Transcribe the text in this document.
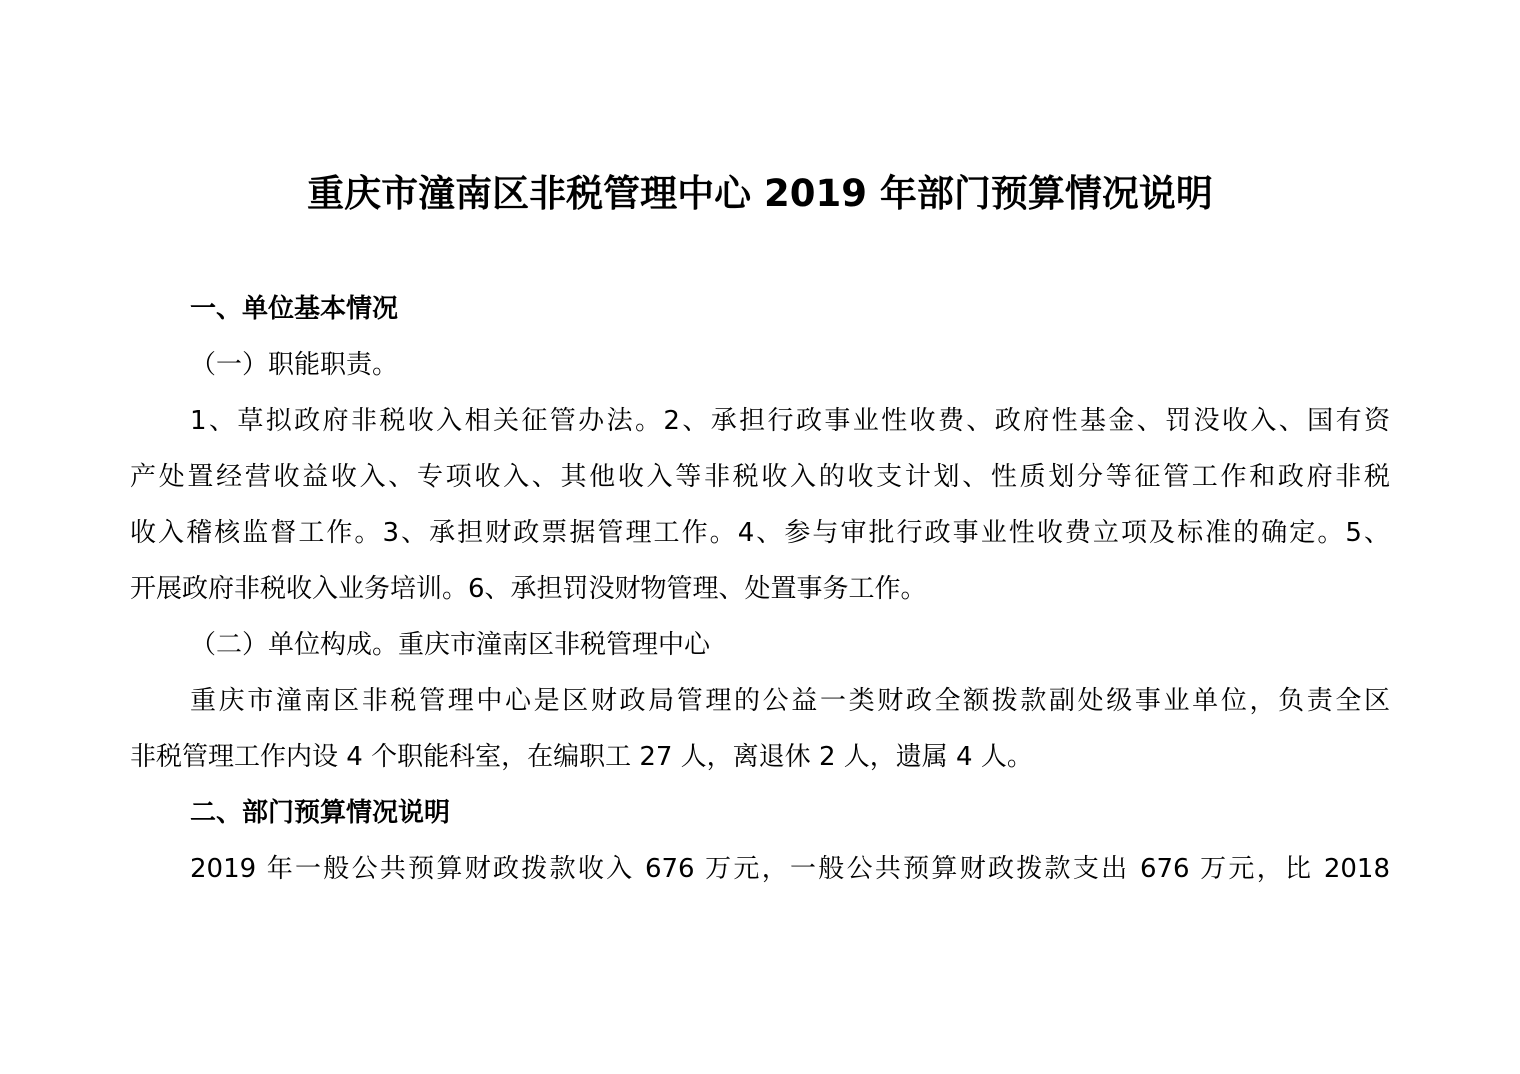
重庆市潼南区非税管理中心 2019 年部门预算情况说明
一、单位基本情况
（一）职能职责。
1、草拟政府非税收入相关征管办法。2、承担行政事业性收费、政府性基金、罚没收入、国有资
产处置经营收益收入、专项收入、其他收入等非税收入的收支计划、性质划分等征管工作和政府非税
收入稽核监督工作。3、承担财政票据管理工作。4、参与审批行政事业性收费立项及标准的确定。5、
开展政府非税收入业务培训。6、承担罚没财物管理、处置事务工作。
（二）单位构成。重庆市潼南区非税管理中心
重庆市潼南区非税管理中心是区财政局管理的公益一类财政全额拨款副处级事业单位，负责全区
非税管理工作内设 4 个职能科室，在编职工 27 人，离退休 2 人，遗属 4 人。
二、部门预算情况说明
2019 年一般公共预算财政拨款收入 676 万元，一般公共预算财政拨款支出 676 万元，比 2018
